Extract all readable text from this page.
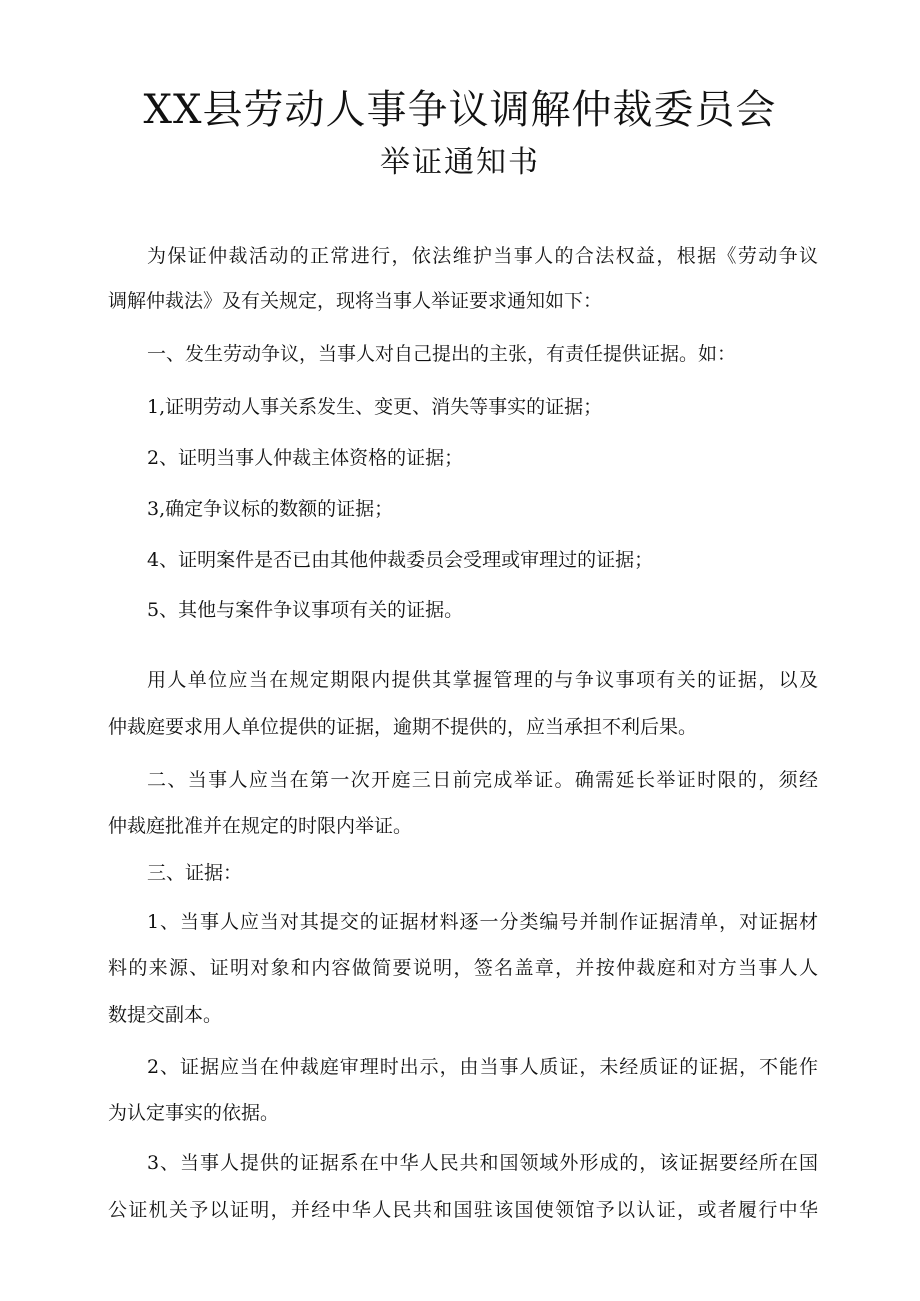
XX县劳动人事争议调解仲裁委员会
举证通知书
为保证仲裁活动的正常进行，依法维护当事人的合法权益，根据《劳动争议
调解仲裁法》及有关规定，现将当事人举证要求通知如下：
一、发生劳动争议，当事人对自己提出的主张，有责任提供证据。如：
1,证明劳动人事关系发生、变更、消失等事实的证据；
2、证明当事人仲裁主体资格的证据；
3,确定争议标的数额的证据；
4、证明案件是否已由其他仲裁委员会受理或审理过的证据；
5、其他与案件争议事项有关的证据。
用人单位应当在规定期限内提供其掌握管理的与争议事项有关的证据，以及
仲裁庭要求用人单位提供的证据，逾期不提供的，应当承担不利后果。
二、当事人应当在第一次开庭三日前完成举证。确需延长举证时限的，须经
仲裁庭批准并在规定的时限内举证。
三、证据：
1、当事人应当对其提交的证据材料逐一分类编号并制作证据清单，对证据材
料的来源、证明对象和内容做简要说明，签名盖章，并按仲裁庭和对方当事人人
数提交副本。
2、证据应当在仲裁庭审理时出示，由当事人质证，未经质证的证据，不能作
为认定事实的依据。
3、当事人提供的证据系在中华人民共和国领域外形成的，该证据要经所在国
公证机关予以证明，并经中华人民共和国驻该国使领馆予以认证，或者履行中华
